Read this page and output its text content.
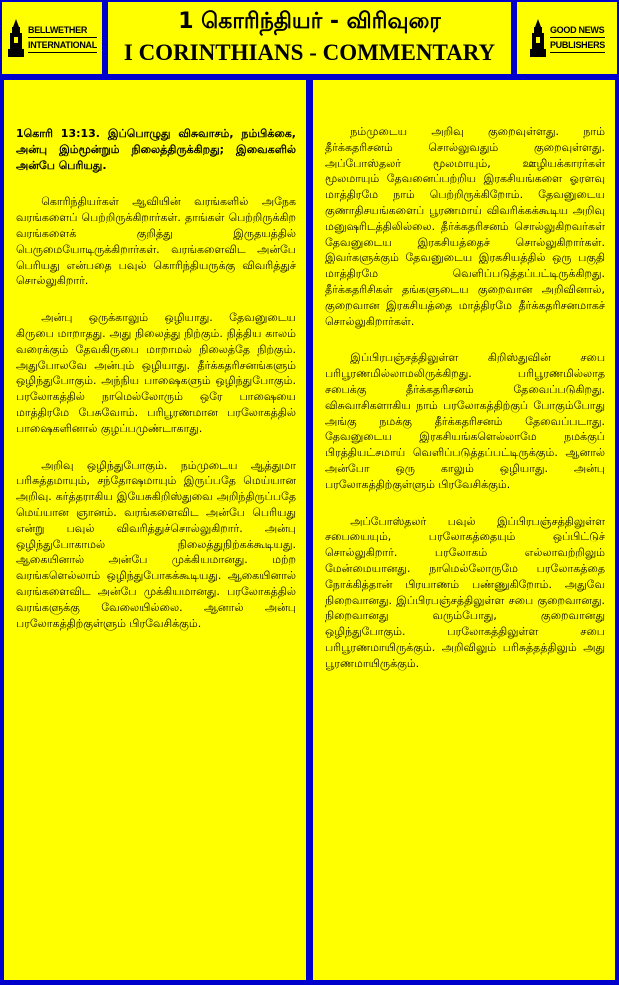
BELLWETHER
INTERNATIONAL
1 கொரிந்தியர் - விரிவுரை
I CORINTHIANS - COMMENTARY
GOOD NEWS
PUBLISHERS

1கொரி 13:13. இப்பொழுது விசுவாசம், நம்பிக்கை, அன்பு இம்மூன்றும் நிலைத்திருக்கிறது; இவைகளில் அன்பே பெரியது.

கொரிந்தியர்கள் ஆவியின் வரங்களில் அநேக வரங்களைப் பெற்றிருக்கிறார்கள். தாங்கள் பெற்றிருக்கிற வரங்களைக் குறித்து இருதயத்தில் பெருமையோடிருக்கிறார்கள். வரங்களைவிட அன்பே பெரியது என்பதை பவுல் கொரிந்தியருக்கு விவரித்துச் சொல்லுகிறார்.

அன்பு ஒருக்காலும் ஒழியாது. தேவனுடைய கிருபை மாறாதது. அது நிலைத்து நிற்கும். நித்திய காலம் வரைக்கும் தேவகிருபை மாறாமல் நிலைத்தே நிற்கும். அதுபோலவே அன்பும் ஒழியாது. தீர்க்கதரிசனங்களும் ஒழிந்துபோகும். அந்நிய பாஷைகளும் ஒழிந்துபோகும். பரலோகத்தில் நாமெல்லோரும் ஒரே பாஷையை மாத்திரமே பேசுவோம். பரிபூரணமான பரலோகத்தில் பாஷைகளினால் குழப்பமுண்டாகாது.

அறிவு ஒழிந்துபோகும். நம்முடைய ஆத்துமா பரிசுத்தமாயும், சந்தோஷமாயும் இருப்பதே மெய்யான அறிவு. கர்த்தராகிய இயேசுகிறிஸ்துவை அறிந்திருப்பதே மெய்யான ஞானம். வரங்களைவிட அன்பே பெரியது என்று பவுல் விவரித்துச்சொல்லுகிறார். அன்பு ஒழிந்துபோகாமல் நிலைத்துநிற்கக்கூடியது. ஆகையினால் அன்பே முக்கியமானது. மற்ற வரங்களெல்லாம் ஒழிந்துபோகக்கூடியது. ஆகையினால் வரங்களைவிட அன்பே முக்கியமானது. பரலோகத்தில் வரங்களுக்கு வேலையில்லை. ஆனால் அன்பு பரலோகத்திற்குள்ளும் பிரவேசிக்கும்.

நம்முடைய அறிவு குறைவுள்ளது. நாம் தீர்க்கதரிசனம் சொல்லுவதும் குறைவுள்ளது. அப்போஸ்தலர் மூலமாயும், ஊழியக்காரர்கள் மூலமாயும் தேவனைப்பற்றிய இரகசியங்களை ஓரளவு மாத்திரமே நாம் பெற்றிருக்கிறோம். தேவனுடைய குணாதிசயங்களைப் பூரணமாய் விவரிக்கக்கூடிய அறிவு மனுஷரிடத்திலில்லை. தீர்க்கதரிசனம் சொல்லுகிறவர்கள் தேவனுடைய இரகசியத்தைச் சொல்லுகிறார்கள். இவர்களுக்கும் தேவனுடைய இரகசியத்தில் ஒரு பகுதி மாத்திரமே வெளிப்படுத்தப்பட்டிருக்கிறது. தீர்க்கதரிசிகள் தங்களுடைய குறைவான அறிவினால், குறைவான இரகசியத்தை மாத்திரமே தீர்க்கதரிசனமாகச் சொல்லுகிறார்கள்.

இப்பிரபஞ்சத்திலுள்ள கிறிஸ்துவின் சபை பரிபூரணமில்லாமலிருக்கிறது. பரிபூரணமில்லாத சபைக்கு தீர்க்கதரிசனம் தேவைப்படுகிறது. விசுவாசிகளாகிய நாம் பரலோகத்திற்குப் போகும்போது அங்கு நமக்கு தீர்க்கதரிசனம் தேவைப்படாது. தேவனுடைய இரகசியங்களெல்லாமே நமக்குப் பிரத்தியட்சமாய் வெளிப்படுத்தப்பட்டிருக்கும். ஆனால் அன்போ ஒரு காலும் ஒழியாது. அன்பு பரலோகத்திற்குள்ளும் பிரவேசிக்கும்.

அப்போஸ்தலர் பவுல் இப்பிரபஞ்சத்திலுள்ள சபையையும், பரலோகத்தையும் ஒப்பிட்டுச் சொல்லுகிறார். பரலோகம் எல்லாவற்றிலும் மேன்மையானது. நாமெல்லோருமே பரலோகத்தை நோக்கித்தான் பிரயாணம் பண்ணுகிறோம். அதுவே நிறைவானது. இப்பிரபஞ்சத்திலுள்ள சபை குறைவானது. நிறைவானது வரும்போது, குறைவானது ஒழிந்துபோகும். பரலோகத்திலுள்ள சபை பரிபூரணமாயிருக்கும். அறிவிலும் பரிசுத்தத்திலும் அது பூரணமாயிருக்கும்.
